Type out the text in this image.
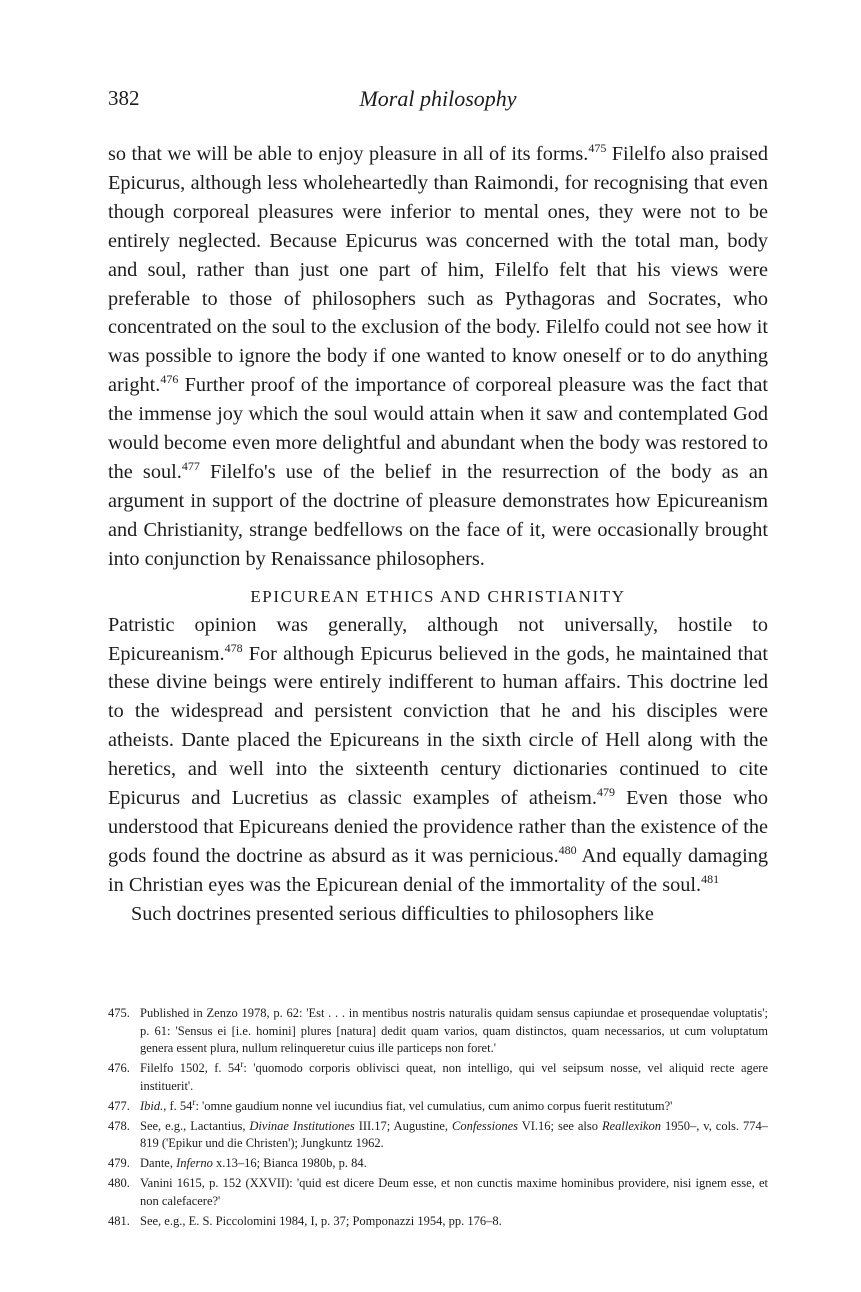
382	Moral philosophy

so that we will be able to enjoy pleasure in all of its forms.$^{475}$ Filelfo also praised Epicurus, although less wholeheartedly than Raimondi, for recognising that even though corporeal pleasures were inferior to mental ones, they were not to be entirely neglected. Because Epicurus was concerned with the total man, body and soul, rather than just one part of him, Filelfo felt that his views were preferable to those of philosophers such as Pythagoras and Socrates, who concentrated on the soul to the exclusion of the body. Filelfo could not see how it was possible to ignore the body if one wanted to know oneself or to do anything aright.$^{476}$ Further proof of the importance of corporeal pleasure was the fact that the immense joy which the soul would attain when it saw and contemplated God would become even more delightful and abundant when the body was restored to the soul.$^{477}$ Filelfo's use of the belief in the resurrection of the body as an argument in support of the doctrine of pleasure demonstrates how Epicureanism and Christianity, strange bedfellows on the face of it, were occasionally brought into conjunction by Renaissance philosophers.

EPICUREAN ETHICS AND CHRISTIANITY

Patristic opinion was generally, although not universally, hostile to Epicureanism.$^{478}$ For although Epicurus believed in the gods, he maintained that these divine beings were entirely indifferent to human affairs. This doctrine led to the widespread and persistent conviction that he and his disciples were atheists. Dante placed the Epicureans in the sixth circle of Hell along with the heretics, and well into the sixteenth century dictionaries continued to cite Epicurus and Lucretius as classic examples of atheism.$^{479}$ Even those who understood that Epicureans denied the providence rather than the existence of the gods found the doctrine as absurd as it was pernicious.$^{480}$ And equally damaging in Christian eyes was the Epicurean denial of the immortality of the soul.$^{481}$

Such doctrines presented serious difficulties to philosophers like

475. Published in Zenzo 1978, p. 62: 'Est . . . in mentibus nostris naturalis quidam sensus capiundae et prosequendae voluptatis'; p. 61: 'Sensus ei [i.e. homini] plures [natura] dedit quam varios, quam distinctos, quam necessarios, ut cum voluptatum genera essent plura, nullum relinqueretur cuius ille particeps non foret.'

476. Filelfo 1502, f. 54$^r$: 'quomodo corporis oblivisci queat, non intelligo, qui vel seipsum nosse, vel aliquid recte agere instituerit'.

477. Ibid., f. 54$^r$: 'omne gaudium nonne vel iucundius fiat, vel cumulatius, cum animo corpus fuerit restitutum?'

478. See, e.g., Lactantius, Divinae Institutiones III.17; Augustine, Confessiones VI.16; see also Reallexikon 1950–, v, cols. 774–819 ('Epikur und die Christen'); Jungkuntz 1962.

479. Dante, Inferno x.13–16; Bianca 1980b, p. 84.

480. Vanini 1615, p. 152 (XXVII): 'quid est dicere Deum esse, et non cunctis maxime hominibus providere, nisi ignem esse, et non calefacere?'

481. See, e.g., E. S. Piccolomini 1984, I, p. 37; Pomponazzi 1954, pp. 176–8.
